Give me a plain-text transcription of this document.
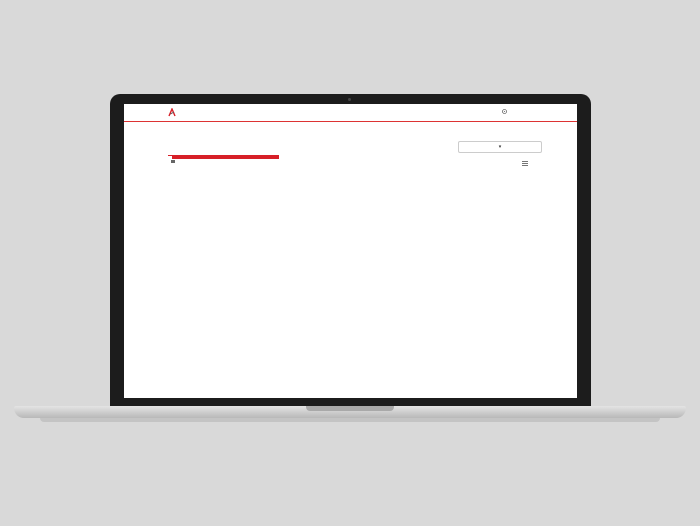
▾
